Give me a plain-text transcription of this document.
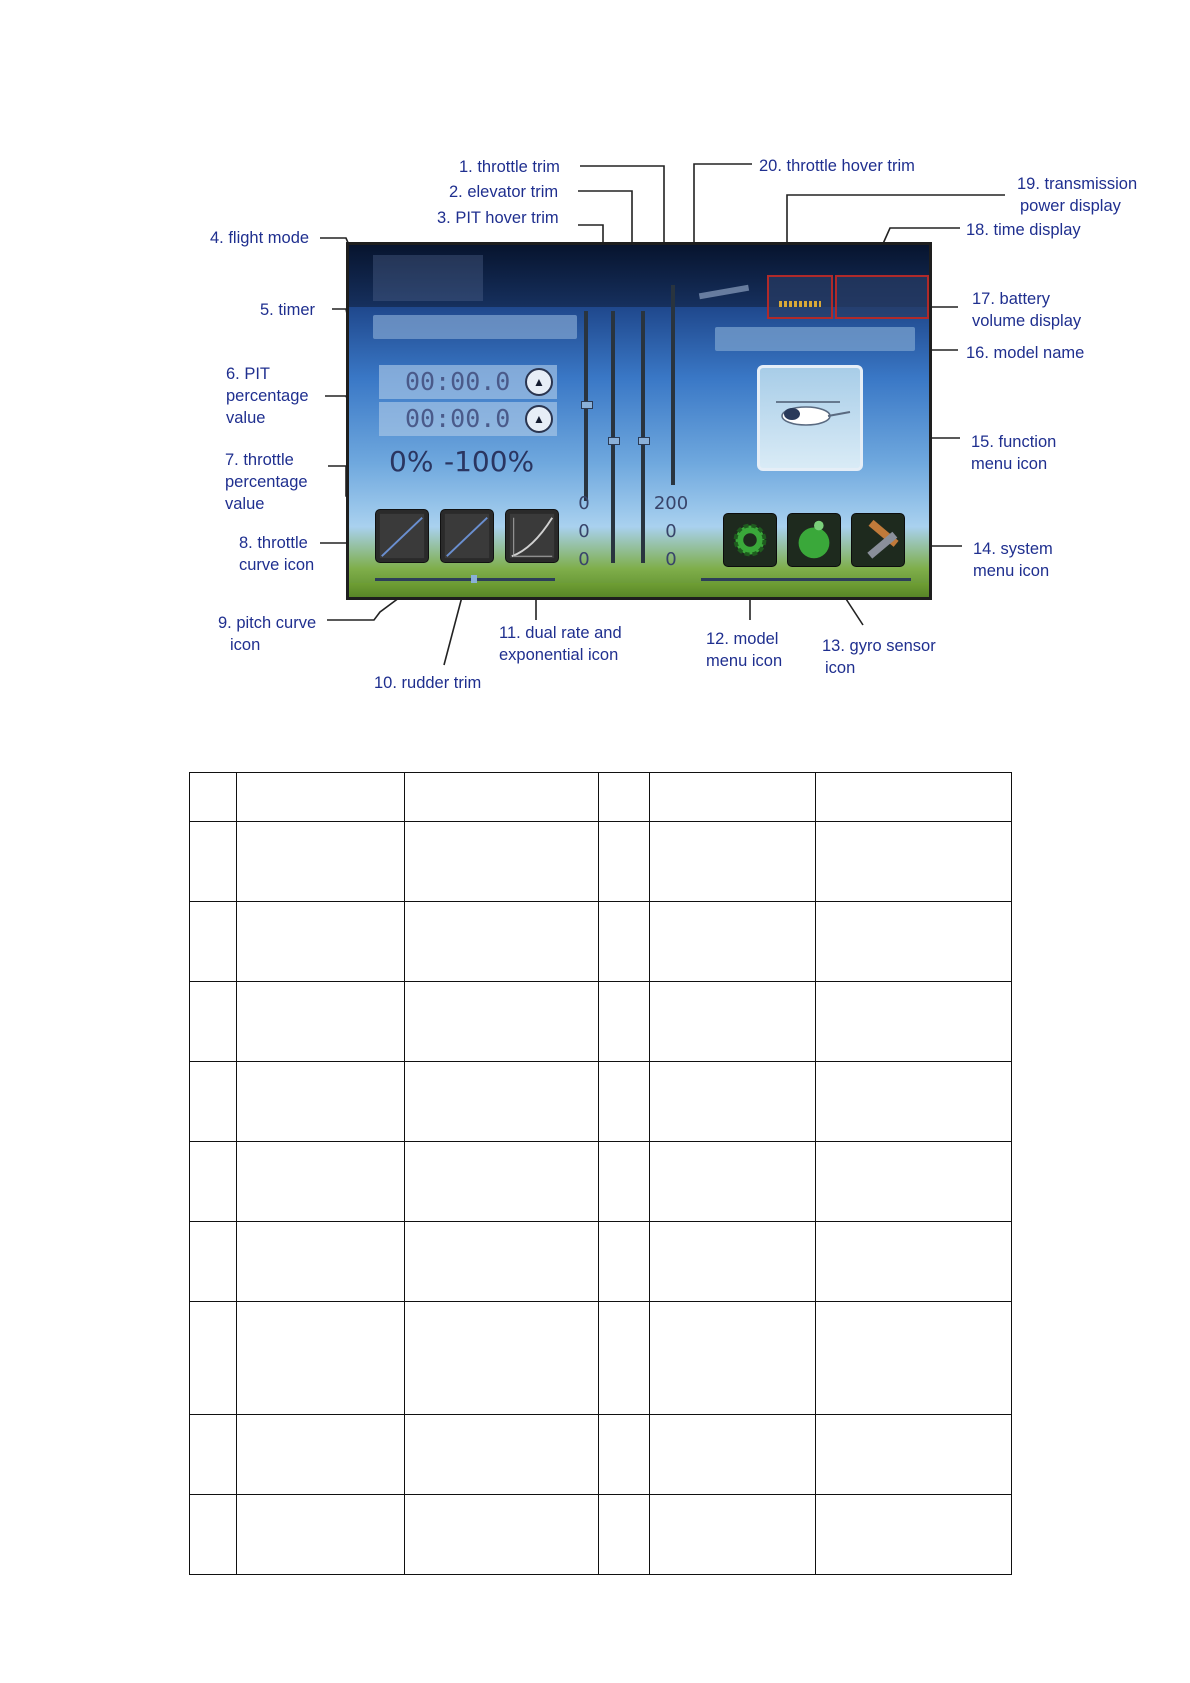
1. throttle trim
2. elevator trim
3. PIT hover trim
4. flight mode
5. timer
6. PIT
percentage
value
7. throttle
percentage
value
8. throttle
curve icon
9. pitch curve
icon
10. rudder trim
11. dual rate and
exponential icon
12. model
menu icon
13. gyro sensor
icon
14. system
menu icon
15. function
menu icon
16. model name
17. battery
volume display
18. time display
19. transmission
power display
20. throttle hover trim
00:00.0
00:00.0
▲
▲
0% -100%
0
0
0
200
0
0
